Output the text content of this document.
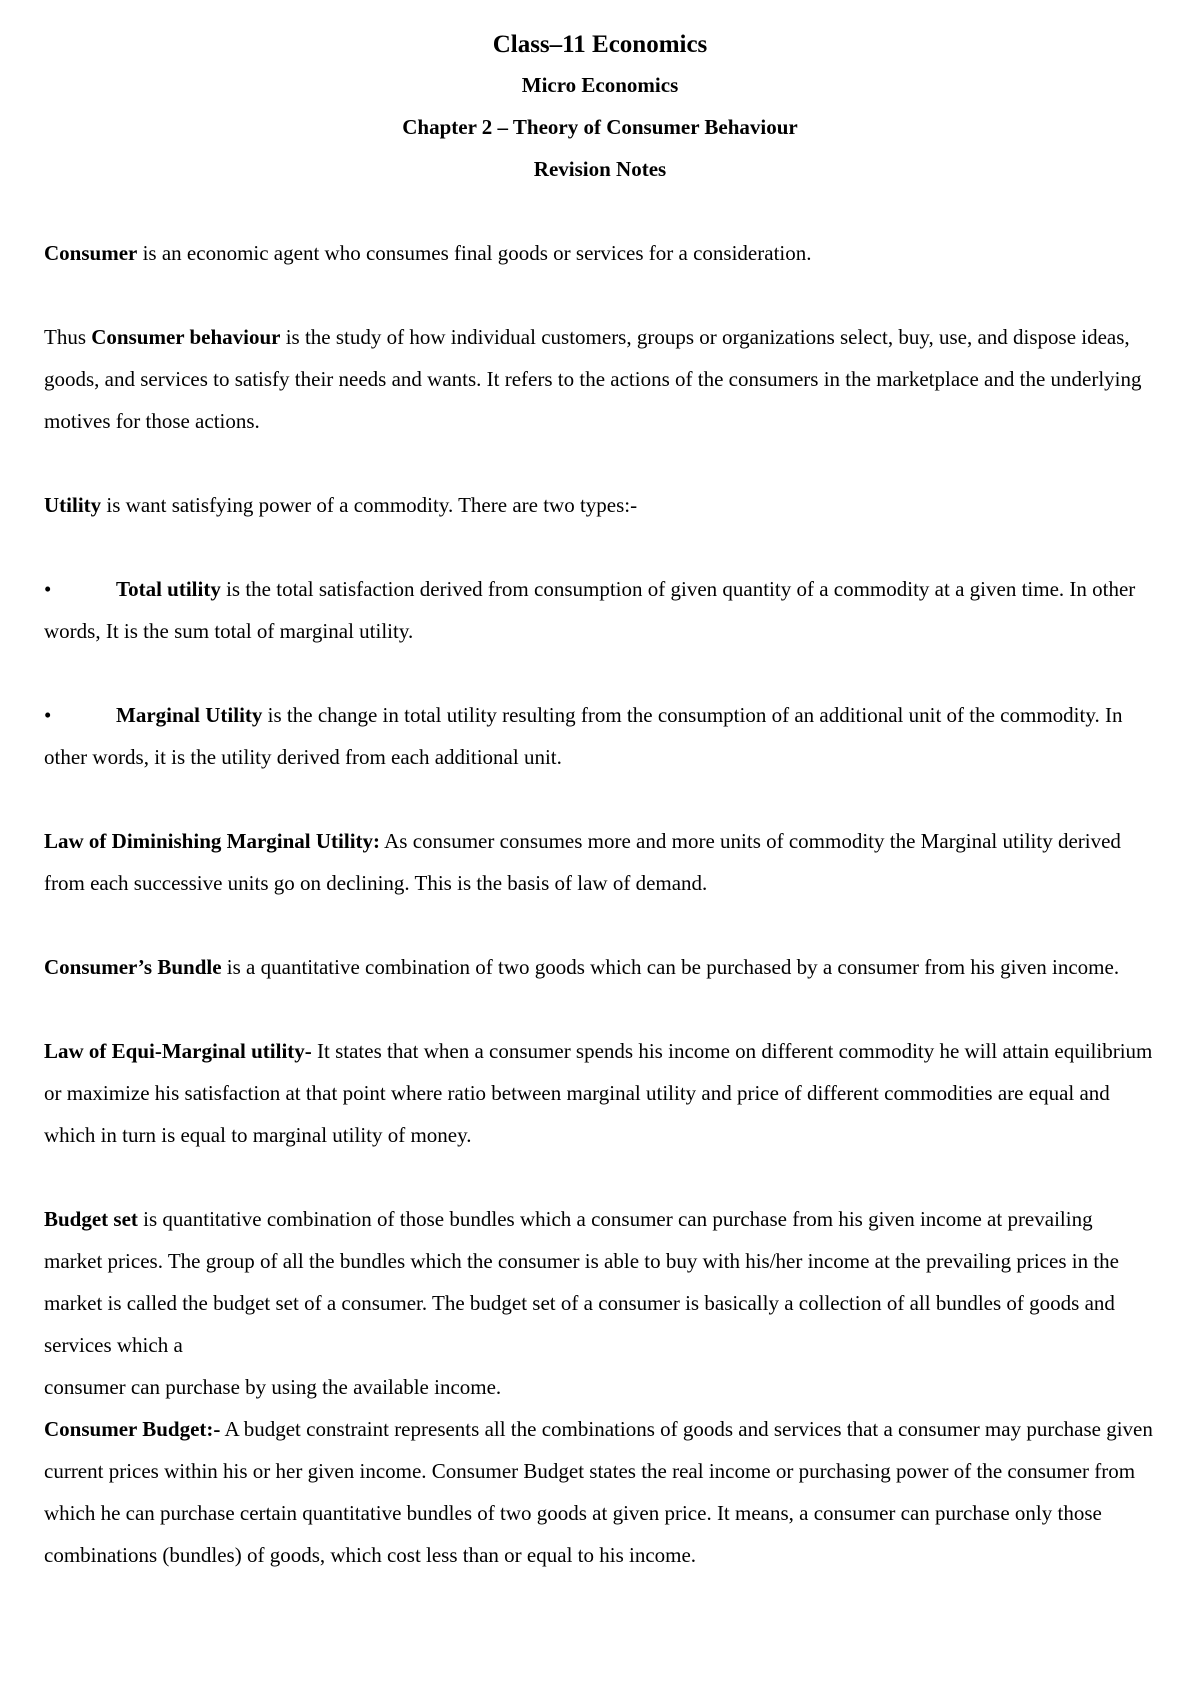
Class–11 Economics
Micro Economics
Chapter 2 – Theory of Consumer Behaviour
Revision Notes

Consumer is an economic agent who consumes final goods or services for a consideration.

Thus Consumer behaviour is the study of how individual customers, groups or organizations select, buy, use, and dispose ideas, goods, and services to satisfy their needs and wants. It refers to the actions of the consumers in the marketplace and the underlying motives for those actions.

Utility is want satisfying power of a commodity. There are two types:-

•	Total utility is the total satisfaction derived from consumption of given quantity of a commodity at a given time. In other words, It is the sum total of marginal utility.

•	Marginal Utility is the change in total utility resulting from the consumption of an additional unit of the commodity. In other words, it is the utility derived from each additional unit.

Law of Diminishing Marginal Utility: As consumer consumes more and more units of commodity the Marginal utility derived from each successive units go on declining. This is the basis of law of demand.

Consumer’s Bundle is a quantitative combination of two goods which can be purchased by a consumer from his given income.

Law of Equi-Marginal utility- It states that when a consumer spends his income on different commodity he will attain equilibrium or maximize his satisfaction at that point where ratio between marginal utility and price of different commodities are equal and which in turn is equal to marginal utility of money.

Budget set is quantitative combination of those bundles which a consumer can purchase from his given income at prevailing market prices. The group of all the bundles which the consumer is able to buy with his/her income at the prevailing prices in the market is called the budget set of a consumer. The budget set of a consumer is basically a collection of all bundles of goods and services which a

consumer can purchase by using the available income.

Consumer Budget:- A budget constraint represents all the combinations of goods and services that a consumer may purchase given current prices within his or her given income. Consumer Budget states the real income or purchasing power of the consumer from which he can purchase certain quantitative bundles of two goods at given price. It means, a consumer can purchase only those combinations (bundles) of goods, which cost less than or equal to his income.
